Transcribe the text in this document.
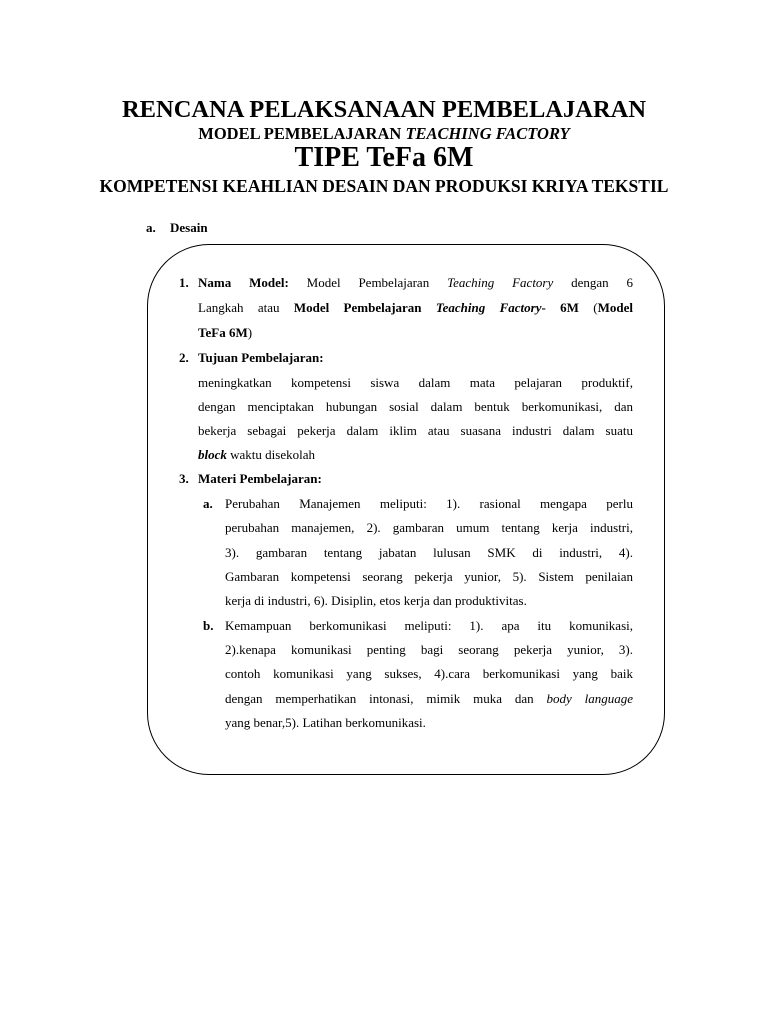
RENCANA PELAKSANAAN PEMBELAJARAN
MODEL PEMBELAJARAN TEACHING FACTORY
TIPE TeFa 6M
KOMPETENSI KEAHLIAN DESAIN DAN PRODUKSI KRIYA TEKSTIL
a. Desain
1. Nama Model: Model Pembelajaran Teaching Factory dengan 6
Langkah atau Model Pembelajaran Teaching Factory- 6M (Model
TeFa 6M)
2. Tujuan Pembelajaran:
meningkatkan kompetensi siswa dalam mata pelajaran produktif,
dengan menciptakan hubungan sosial dalam bentuk berkomunikasi, dan
bekerja sebagai pekerja dalam iklim atau suasana industri dalam suatu
block waktu disekolah
3. Materi Pembelajaran:
a. Perubahan Manajemen meliputi: 1). rasional mengapa perlu
perubahan manajemen, 2). gambaran umum tentang kerja industri,
3). gambaran tentang jabatan lulusan SMK di industri, 4).
Gambaran kompetensi seorang pekerja yunior, 5). Sistem penilaian
kerja di industri, 6). Disiplin, etos kerja dan produktivitas.
b. Kemampuan berkomunikasi meliputi: 1). apa itu komunikasi,
2).kenapa komunikasi penting bagi seorang pekerja yunior, 3).
contoh komunikasi yang sukses, 4).cara berkomunikasi yang baik
dengan memperhatikan intonasi, mimik muka dan body language
yang benar,5). Latihan berkomunikasi.
